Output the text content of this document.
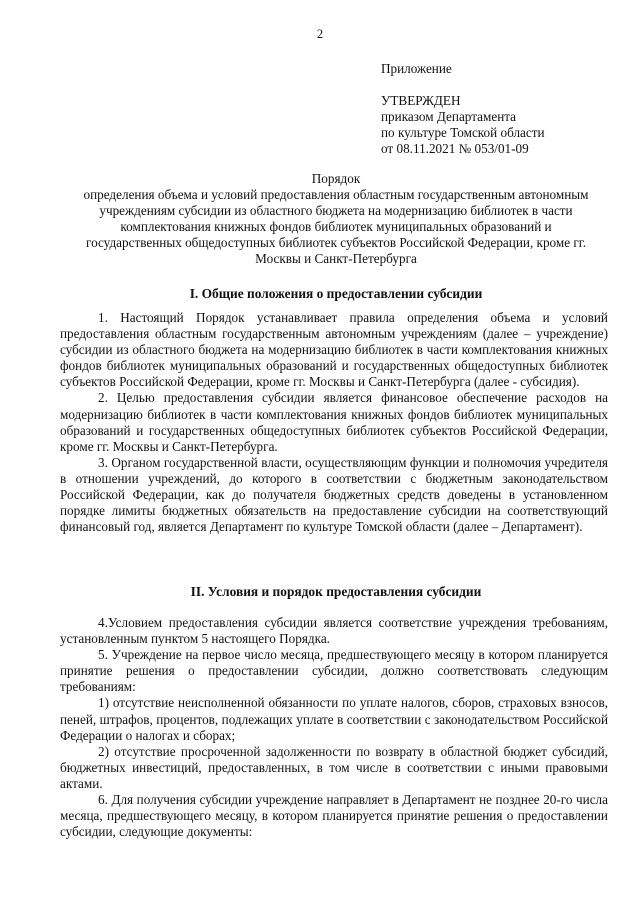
2
Приложение
УТВЕРЖДЕН
приказом Департамента
по культуре Томской области
от 08.11.2021 № 053/01-09
Порядок
определения объема и условий предоставления областным государственным автономным
учреждениям субсидии из областного бюджета на модернизацию библиотек в части
комплектования книжных фондов библиотек муниципальных образований и
государственных общедоступных библиотек субъектов Российской Федерации, кроме гг.
Москвы и Санкт-Петербурга
I. Общие положения о предоставлении субсидии

1. Настоящий Порядок устанавливает правила определения объема и условий предоставления областным государственным автономным учреждениям (далее – учреждение) субсидии из областного бюджета на модернизацию библиотек в части комплектования книжных фондов библиотек муниципальных образований и государственных общедоступных библиотек субъектов Российской Федерации, кроме гг. Москвы и Санкт-Петербурга (далее - субсидия).

2. Целью предоставления субсидии является финансовое обеспечение расходов на модернизацию библиотек в части комплектования книжных фондов библиотек муниципальных образований и государственных общедоступных библиотек субъектов Российской Федерации, кроме гг. Москвы и Санкт-Петербурга.

3. Органом государственной власти, осуществляющим функции и полномочия учредителя в отношении учреждений, до которого в соответствии с бюджетным законодательством Российской Федерации, как до получателя бюджетных средств доведены в установленном порядке лимиты бюджетных обязательств на предоставление субсидии на соответствующий финансовый год, является Департамент по культуре Томской области (далее – Департамент).

II. Условия и порядок предоставления субсидии

4.Условием предоставления субсидии является соответствие учреждения требованиям, установленным пунктом 5 настоящего Порядка.

5. Учреждение на первое число месяца, предшествующего месяцу в котором планируется принятие решения о предоставлении субсидии, должно соответствовать следующим требованиям:

1) отсутствие неисполненной обязанности по уплате налогов, сборов, страховых взносов, пеней, штрафов, процентов, подлежащих уплате в соответствии с законодательством Российской Федерации о налогах и сборах;

2) отсутствие просроченной задолженности по возврату в областной бюджет субсидий, бюджетных инвестиций, предоставленных, в том числе в соответствии с иными правовыми актами.

6. Для получения субсидии учреждение направляет в Департамент не позднее 20-го числа месяца, предшествующего месяцу, в котором планируется принятие решения о предоставлении субсидии, следующие документы:
